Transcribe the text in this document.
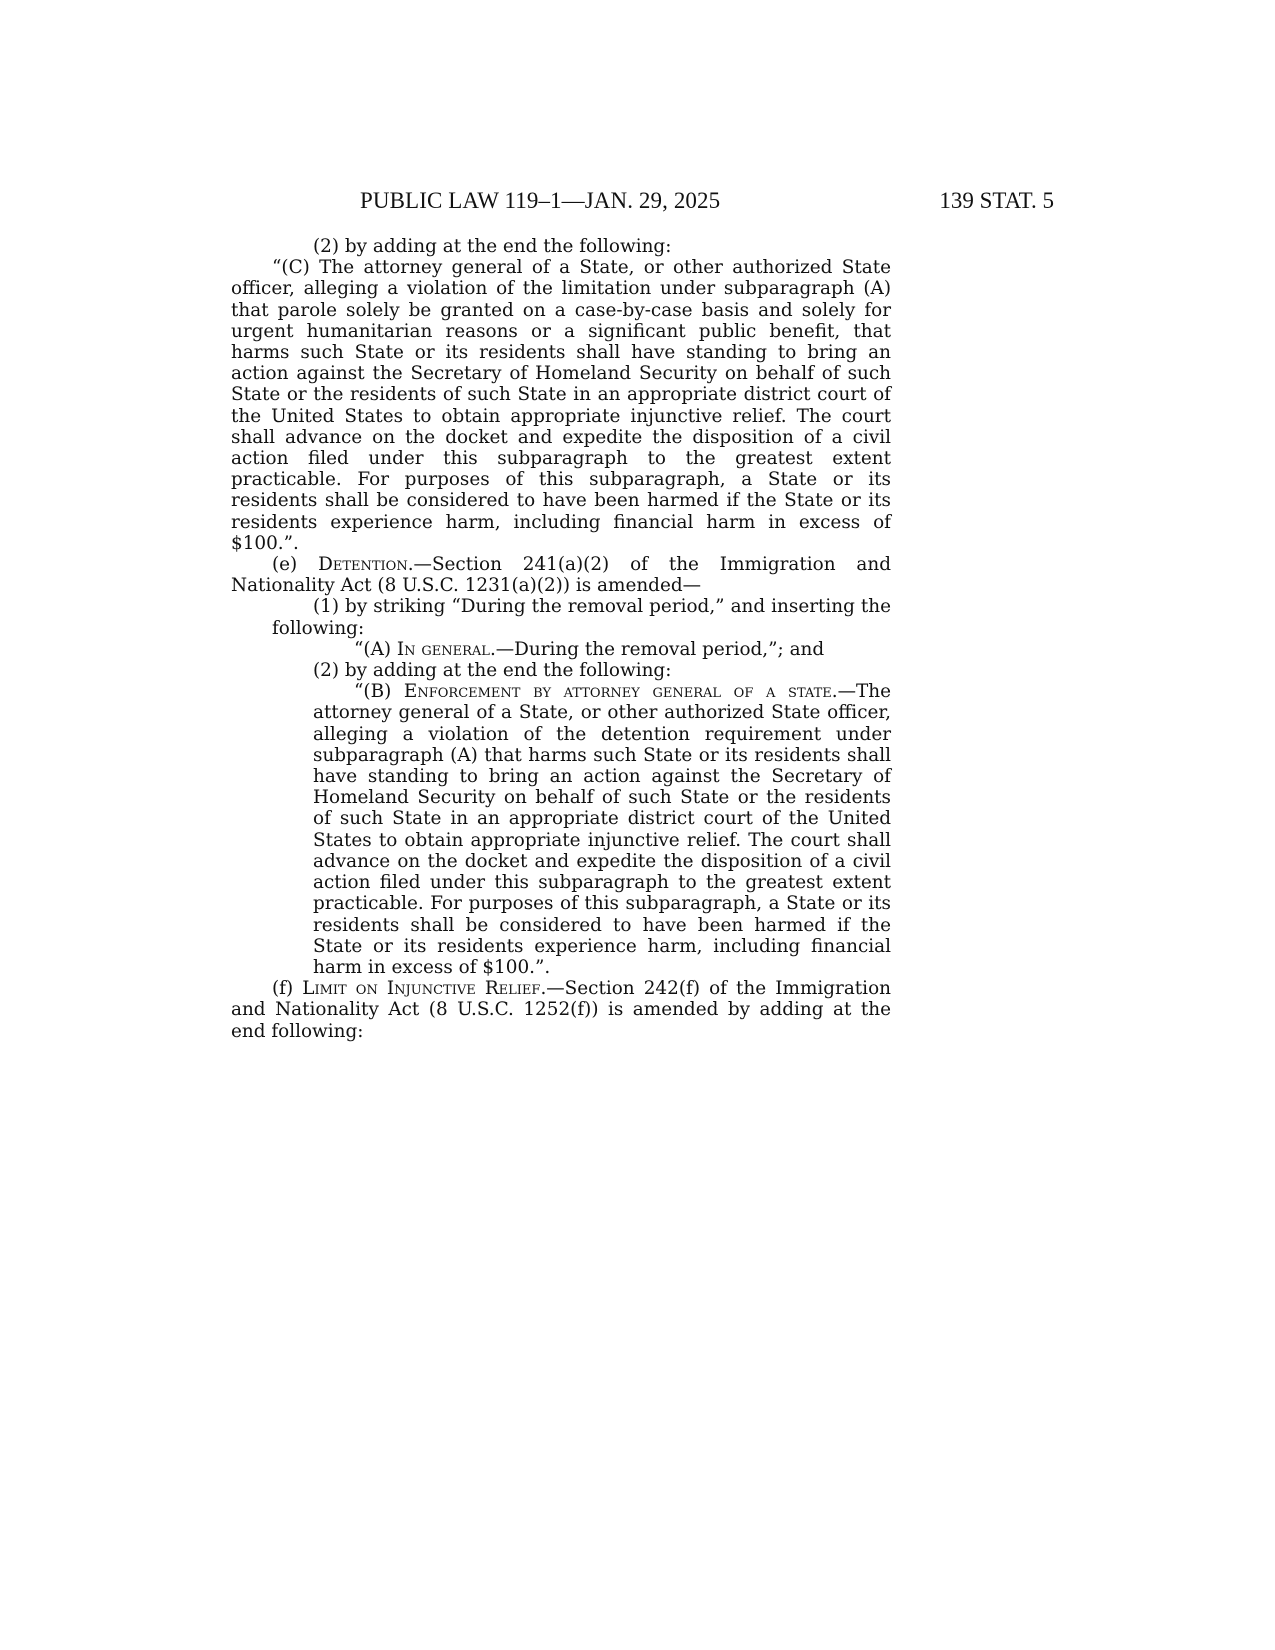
PUBLIC LAW 119–1—JAN. 29, 2025	139 STAT. 5

(2) by adding at the end the following:

“(C) The attorney general of a State, or other authorized State officer, alleging a violation of the limitation under subparagraph (A) that parole solely be granted on a case-by-case basis and solely for urgent humanitarian reasons or a significant public benefit, that harms such State or its residents shall have standing to bring an action against the Secretary of Homeland Security on behalf of such State or the residents of such State in an appropriate district court of the United States to obtain appropriate injunctive relief. The court shall advance on the docket and expedite the disposition of a civil action filed under this subparagraph to the greatest extent practicable. For purposes of this subparagraph, a State or its residents shall be considered to have been harmed if the State or its residents experience harm, including financial harm in excess of $100.”.

(e) Detention.—Section 241(a)(2) of the Immigration and Nationality Act (8 U.S.C. 1231(a)(2)) is amended—

(1) by striking “During the removal period,” and inserting the following:

“(A) In general.—During the removal period,”; and

(2) by adding at the end the following:

“(B) Enforcement by attorney general of a state.—The attorney general of a State, or other authorized State officer, alleging a violation of the detention requirement under subparagraph (A) that harms such State or its residents shall have standing to bring an action against the Secretary of Homeland Security on behalf of such State or the residents of such State in an appropriate district court of the United States to obtain appropriate injunctive relief. The court shall advance on the docket and expedite the disposition of a civil action filed under this subparagraph to the greatest extent practicable. For purposes of this subparagraph, a State or its residents shall be considered to have been harmed if the State or its residents experience harm, including financial harm in excess of $100.”.

(f) Limit on Injunctive Relief.—Section 242(f) of the Immigration and Nationality Act (8 U.S.C. 1252(f)) is amended by adding at the end following:
